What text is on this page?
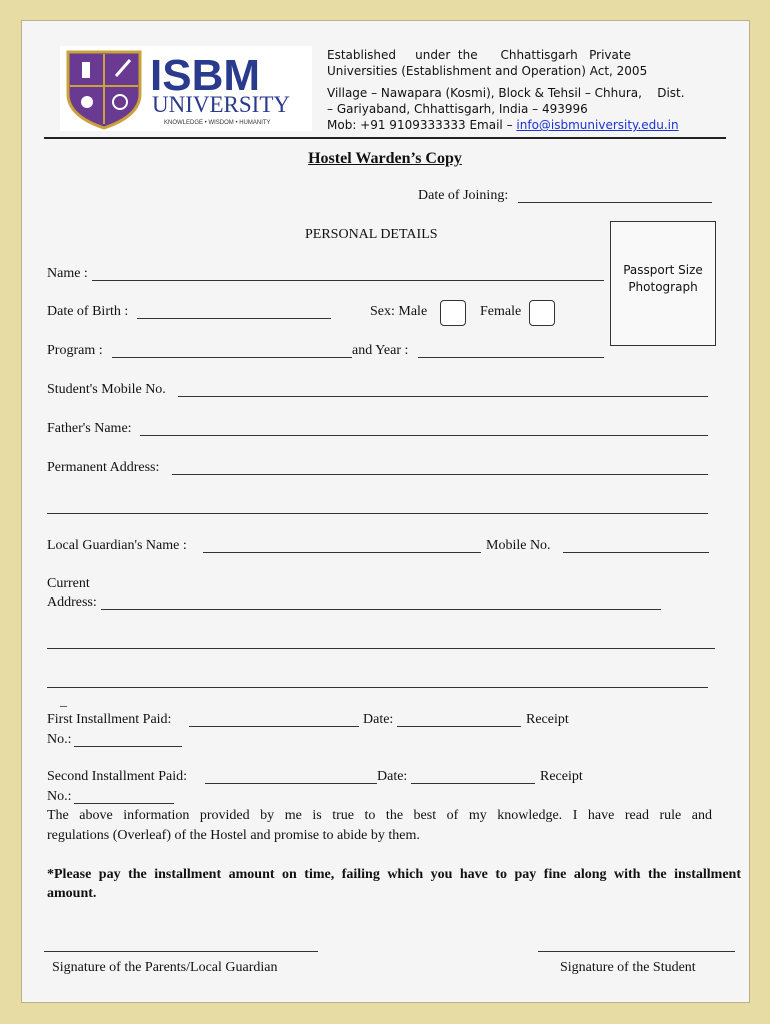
ISBM
UNIVERSITY
KNOWLEDGE • WISDOM • HUMANITY
Established     under  the      Chhattisgarh   Private
Universities (Establishment and Operation) Act, 2005
Village – Nawapara (Kosmi), Block & Tehsil – Chhura,    Dist.
– Gariyaband, Chhattisgarh, India – 493996
Mob: +91 9109333333 Email – info@isbmuniversity.edu.in
Hostel Warden’s Copy
Date of Joining:
PERSONAL DETAILS
Passport Size
Photograph
Name :
Date of Birth :	Sex: Male	Female
Program :	and Year :
Student's Mobile No.
Father's Name:
Permanent Address:
Local Guardian's Name :	Mobile No.
Current
Address:
_
First Installment Paid:	Date:	Receipt
No.:
Second Installment Paid:	Date:	Receipt
No.:
The above information provided by me is true to the best of my knowledge. I have read rule and
regulations (Overleaf) of the Hostel and promise to abide by them.
*Please pay the installment amount on time, failing which you have to pay fine along with the installment
amount.
Signature of the Parents/Local Guardian	Signature of the Student
